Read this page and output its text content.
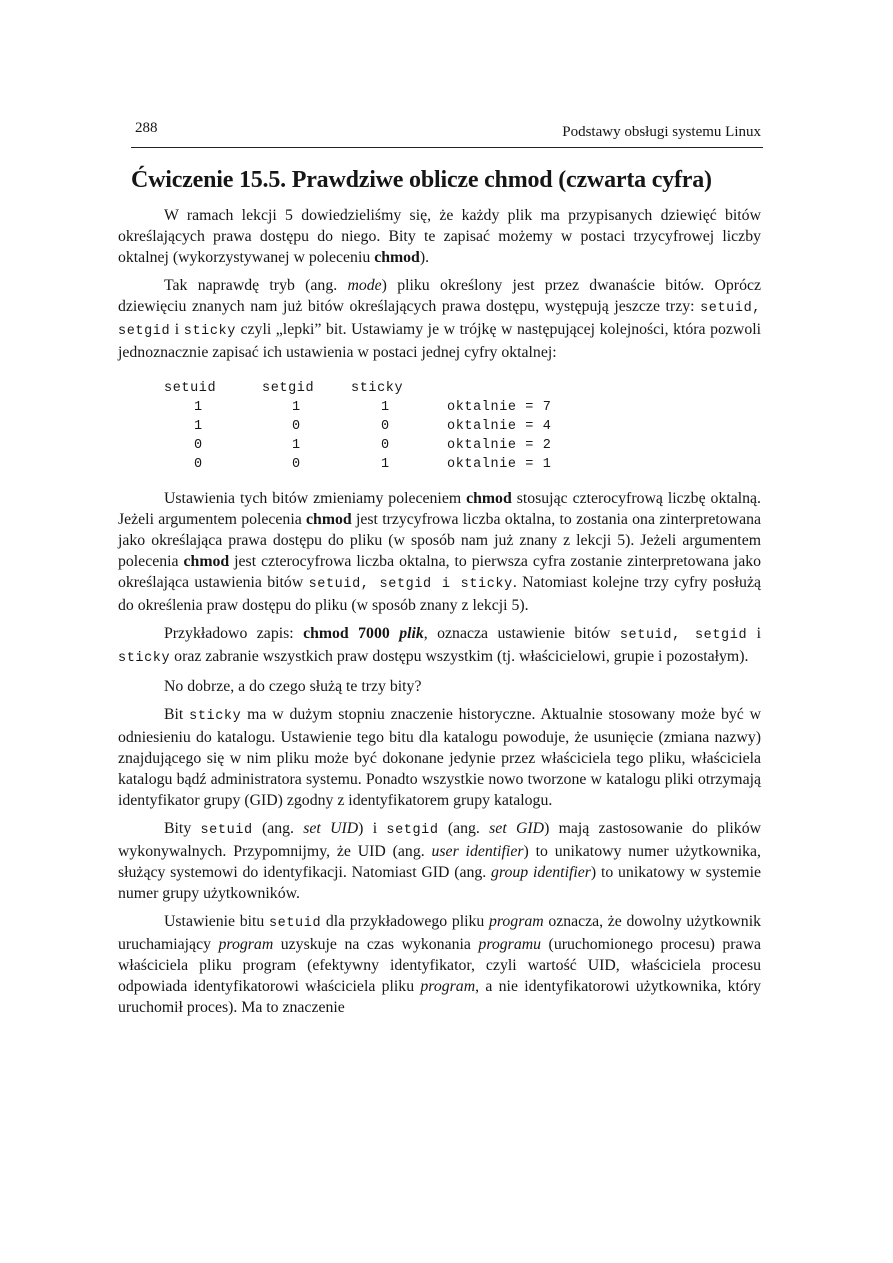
288	Podstawy obsługi systemu Linux
Ćwiczenie 15.5. Prawdziwe oblicze chmod (czwarta cyfra)

W ramach lekcji 5 dowiedzieliśmy się, że każdy plik ma przypisanych dziewięć bitów określających prawa dostępu do niego. Bity te zapisać możemy w postaci trzycyfrowej liczby oktalnej (wykorzystywanej w poleceniu chmod).

Tak naprawdę tryb (ang. mode) pliku określony jest przez dwanaście bitów. Oprócz dziewięciu znanych nam już bitów określających prawa dostępu, występują jeszcze trzy: setuid, setgid i sticky czyli „lepki” bit. Ustawiamy je w trójkę w następującej kolejności, która pozwoli jednoznacznie zapisać ich ustawienia w postaci jednej cyfry oktalnej:

setuid	setgid	sticky	
1	1	1	oktalnie = 7
1	0	0	oktalnie = 4
0	1	0	oktalnie = 2
0	0	1	oktalnie = 1

Ustawienia tych bitów zmieniamy poleceniem chmod stosując czterocyfrową liczbę oktalną. Jeżeli argumentem polecenia chmod jest trzycyfrowa liczba oktalna, to zostania ona zinterpretowana jako określająca prawa dostępu do pliku (w sposób nam już znany z lekcji 5). Jeżeli argumentem polecenia chmod jest czterocyfrowa liczba oktalna, to pierwsza cyfra zostanie zinterpretowana jako określająca ustawienia bitów setuid, setgid i sticky. Natomiast kolejne trzy cyfry posłużą do określenia praw dostępu do pliku (w sposób znany z lekcji 5).

Przykładowo zapis: chmod 7000 plik, oznacza ustawienie bitów setuid, setgid i sticky oraz zabranie wszystkich praw dostępu wszystkim (tj. właścicielowi, grupie i pozostałym).

No dobrze, a do czego służą te trzy bity?

Bit sticky ma w dużym stopniu znaczenie historyczne. Aktualnie stosowany może być w odniesieniu do katalogu. Ustawienie tego bitu dla katalogu powoduje, że usunięcie (zmiana nazwy) znajdującego się w nim pliku może być dokonane jedynie przez właściciela tego pliku, właściciela katalogu bądź administratora systemu. Ponadto wszystkie nowo tworzone w katalogu pliki otrzymają identyfikator grupy (GID) zgodny z identyfikatorem grupy katalogu.

Bity setuid (ang. set UID) i setgid (ang. set GID) mają zastosowanie do plików wykonywalnych. Przypomnijmy, że UID (ang. user identifier) to unikatowy numer użytkownika, służący systemowi do identyfikacji. Natomiast GID (ang. group identifier) to unikatowy w systemie numer grupy użytkowników.

Ustawienie bitu setuid dla przykładowego pliku program oznacza, że dowolny użytkownik uruchamiający program uzyskuje na czas wykonania programu (uruchomionego procesu) prawa właściciela pliku program (efektywny identyfikator, czyli wartość UID, właściciela procesu odpowiada identyfikatorowi właściciela pliku program, a nie identyfikatorowi użytkownika, który uruchomił proces). Ma to znaczenie
